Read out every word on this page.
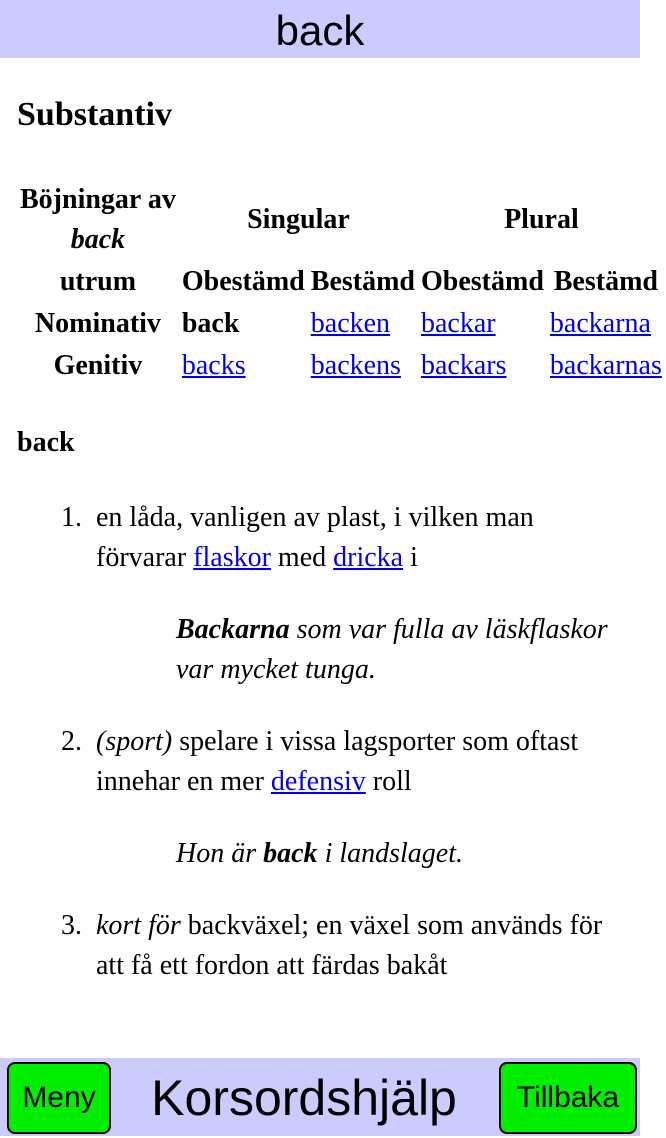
back
Substantiv
Böjningar av
back	Singular		Plural	
utrum	Obestämd	Bestämd	Obestämd	Bestämd
Nominativ	back	backen	backar	backarna
Genitiv	backs	backens	backars	backarnas
back
1. en låda, vanligen av plast, i vilken man förvarar flaskor med dricka i
Backarna som var fulla av läskflaskor var mycket tunga.
2. (sport) spelare i vissa lagsporter som oftast innehar en mer defensiv roll
Hon är back i landslaget.
3. kort för backväxel; en växel som används för att få ett fordon att färdas bakåt
Meny	Korsordshjälp	Tillbaka
